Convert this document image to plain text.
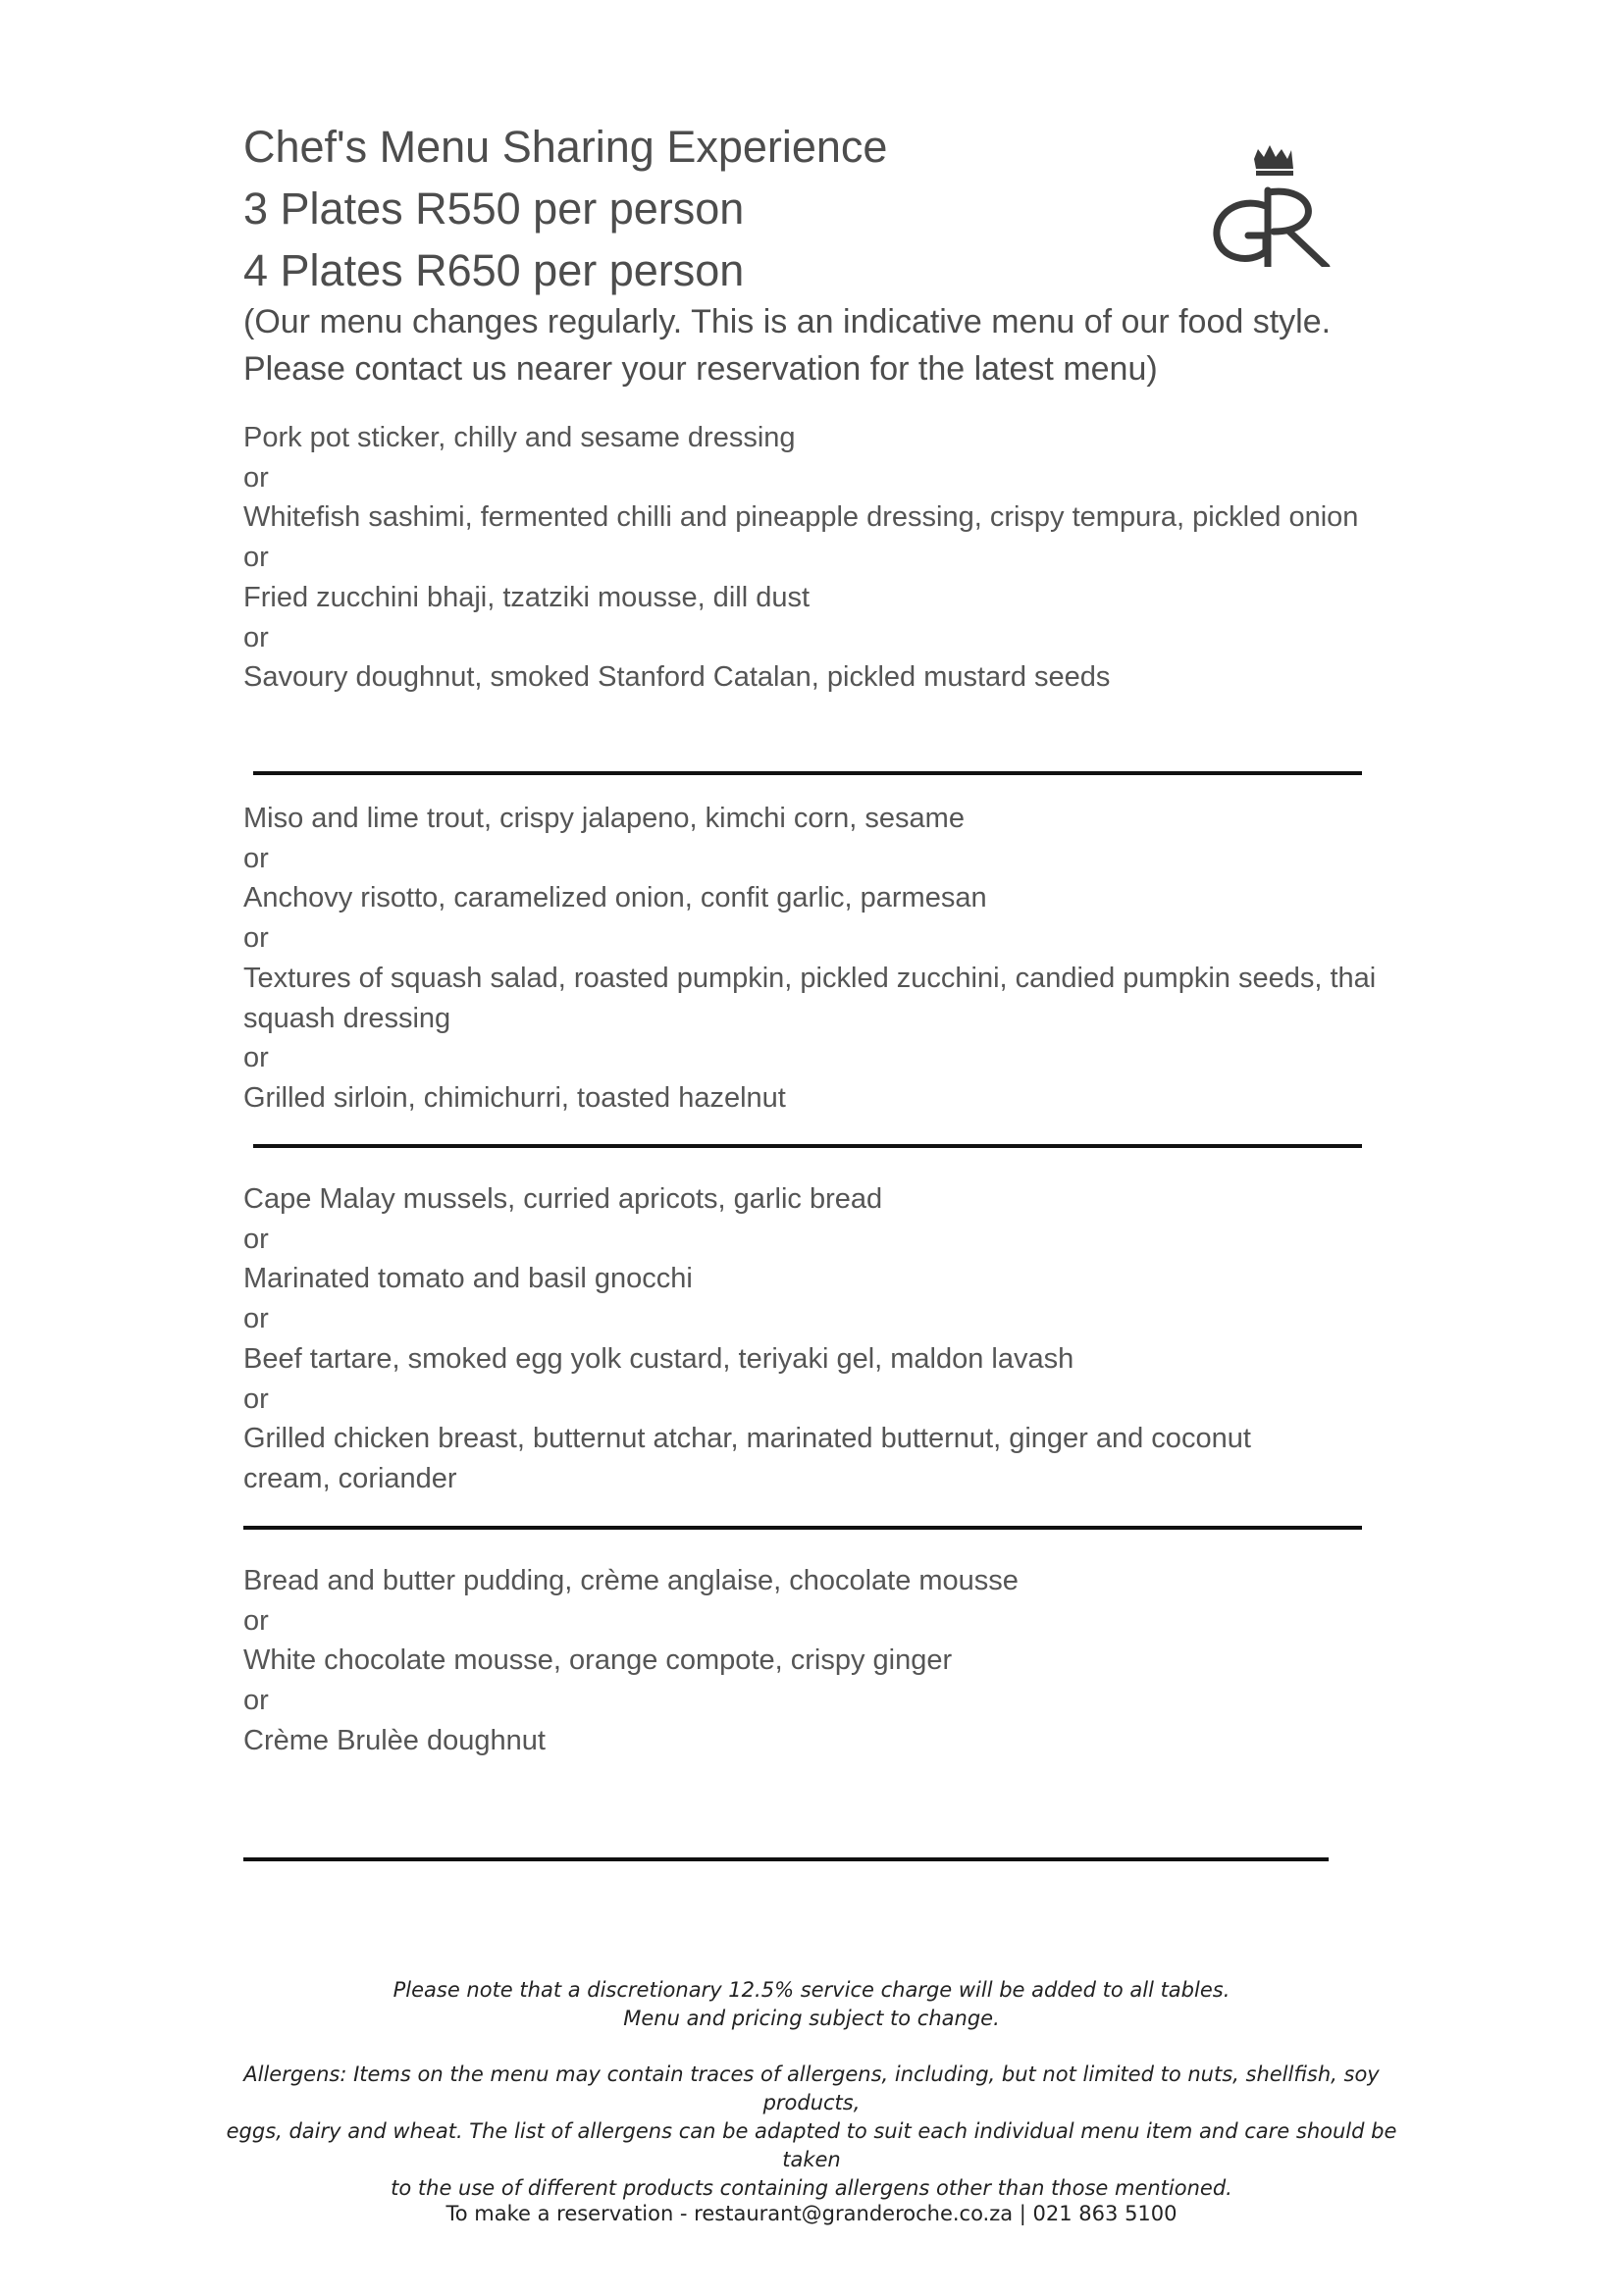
Chef's Menu Sharing Experience
3 Plates R550 per person
4 Plates R650 per person
(Our menu changes regularly. This is an indicative menu of our food style.
Please contact us nearer your reservation for the latest menu)
Pork pot sticker, chilly and sesame dressing
or
Whitefish sashimi, fermented chilli and pineapple dressing, crispy tempura, pickled onion
or
Fried zucchini bhaji, tzatziki mousse, dill dust
or
Savoury doughnut, smoked Stanford Catalan, pickled mustard seeds
Miso and lime trout, crispy jalapeno, kimchi corn, sesame
or
Anchovy risotto, caramelized onion, confit garlic, parmesan
or
Textures of squash salad, roasted pumpkin, pickled zucchini, candied pumpkin seeds, thai
squash dressing
or
Grilled sirloin, chimichurri, toasted hazelnut
Cape Malay mussels, curried apricots, garlic bread
or
Marinated tomato and basil gnocchi
or
Beef tartare, smoked egg yolk custard, teriyaki gel, maldon lavash
or
Grilled chicken breast, butternut atchar, marinated butternut, ginger and coconut
cream, coriander
Bread and butter pudding, crème anglaise, chocolate mousse
or
White chocolate mousse, orange compote, crispy ginger
or
Crème Brulèe doughnut
Please note that a discretionary 12.5% service charge will be added to all tables.
Menu and pricing subject to change.
Allergens: Items on the menu may contain traces of allergens, including, but not limited to nuts, shellfish, soy products,
eggs, dairy and wheat. The list of allergens can be adapted to suit each individual menu item and care should be taken
to the use of different products containing allergens other than those mentioned.
To make a reservation - restaurant@granderoche.co.za | 021 863 5100
